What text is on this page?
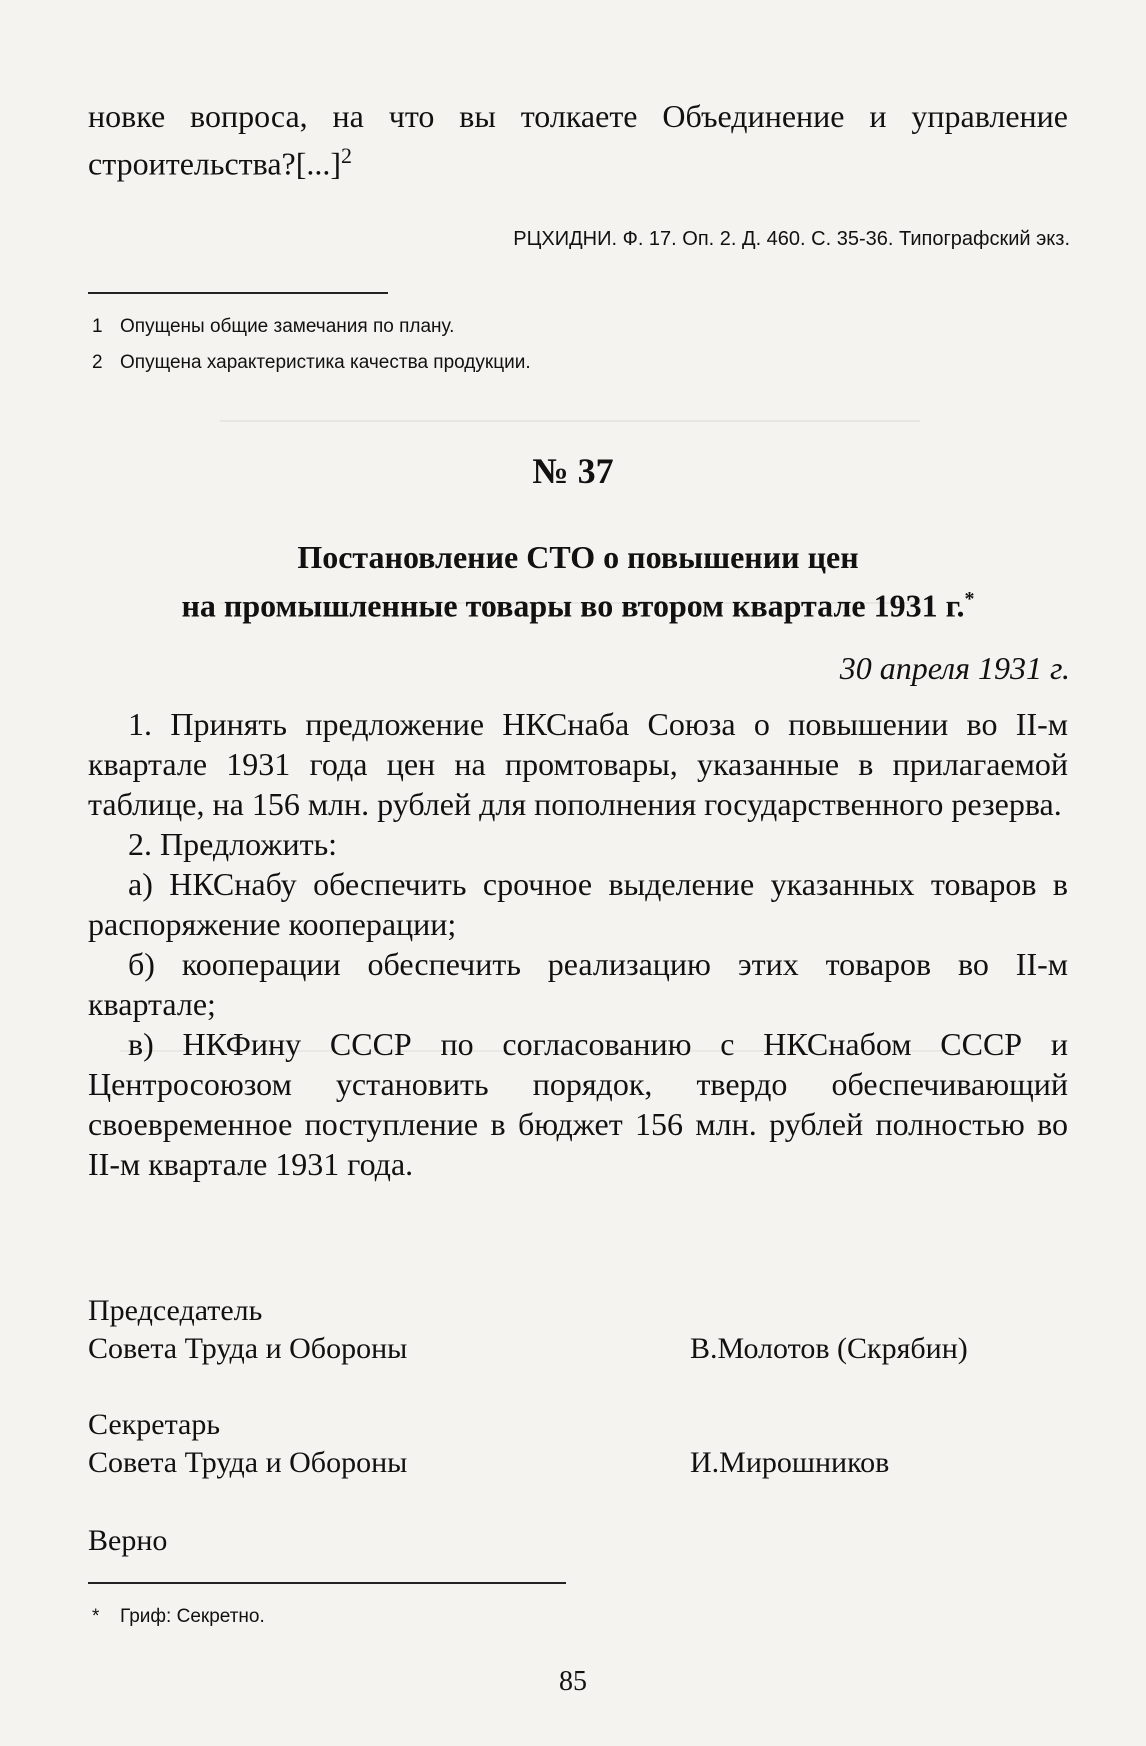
новке вопроса, на что вы толкаете Объединение и управление строительства?[...]$^2$
РЦХИДНИ. Ф. 17. Оп. 2. Д. 460. С. 35-36. Типографский экз.
1 Опущены общие замечания по плану.
2 Опущена характеристика качества продукции.
№ 37
Постановление СТО о повышении цен
на промышленные товары во втором квартале 1931 г.*
30 апреля 1931 г.

1. Принять предложение НКСнаба Союза о повышении во II-м квартале 1931 года цен на промтовары, указанные в прилагаемой таблице, на 156 млн. рублей для пополнения государственного резерва.

2. Предложить:

а) НКСнабу обеспечить срочное выделение указанных товаров в распоряжение кооперации;

б) кооперации обеспечить реализацию этих товаров во II-м квартале;

в) НКФину СССР по согласованию с НКСнабом СССР и Центросоюзом установить порядок, твердо обеспечивающий своевременное поступление в бюджет 156 млн. рублей полностью во II-м квартале 1931 года.

Председатель
Совета Труда и Обороны	В.Молотов (Скрябин)
Секретарь
Совета Труда и Обороны	И.Мирошников
Верно
* Гриф: Секретно.
85
